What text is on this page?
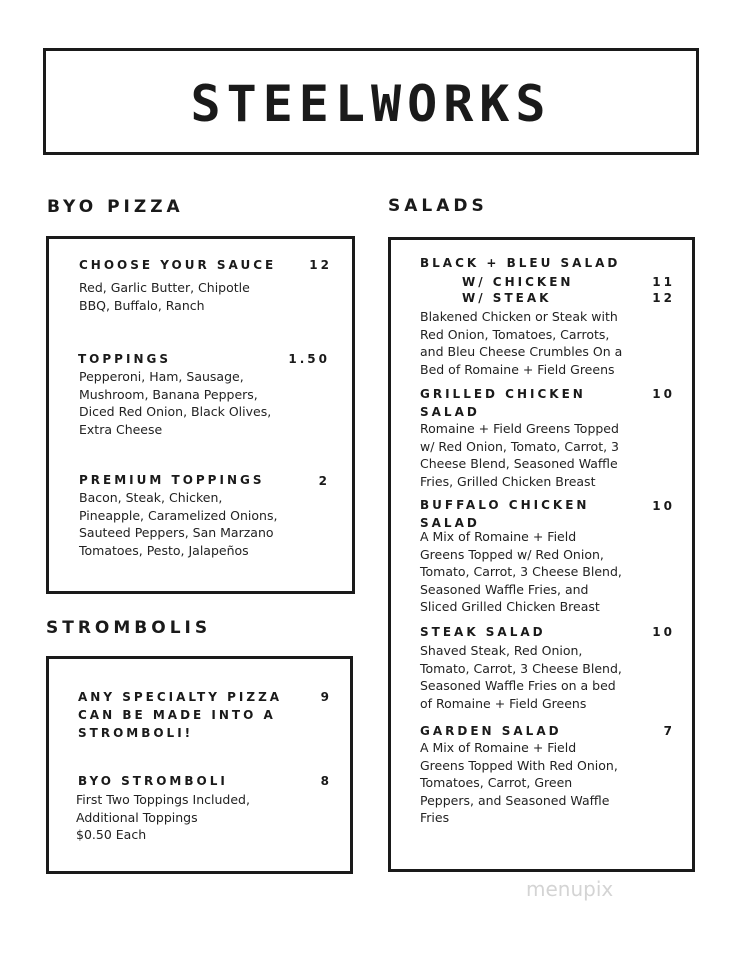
STEELWORKS
BYO PIZZA
CHOOSE YOUR SAUCE	12
Red, Garlic Butter, Chipotle
BBQ, Buffalo, Ranch
TOPPINGS	1.50
Pepperoni, Ham, Sausage,
Mushroom, Banana Peppers,
Diced Red Onion, Black Olives,
Extra Cheese
PREMIUM TOPPINGS	2
Bacon, Steak, Chicken,
Pineapple, Caramelized Onions,
Sauteed Peppers, San Marzano
Tomatoes, Pesto, Jalapeños
STROMBOLIS
ANY SPECIALTY PIZZA
CAN BE MADE INTO A
STROMBOLI!
9
BYO STROMBOLI	8
First Two Toppings Included,
Additional Toppings
$0.50 Each
SALADS
BLACK + BLEU SALAD
W/ CHICKEN	11
W/ STEAK	12
Blakened Chicken or Steak with
Red Onion, Tomatoes, Carrots,
and Bleu Cheese Crumbles On a
Bed of Romaine + Field Greens
GRILLED CHICKEN
SALAD
10
Romaine + Field Greens Topped
w/ Red Onion, Tomato, Carrot, 3
Cheese Blend, Seasoned Waffle
Fries, Grilled Chicken Breast
BUFFALO CHICKEN
SALAD
10
A Mix of Romaine + Field
Greens Topped w/ Red Onion,
Tomato, Carrot, 3 Cheese Blend,
Seasoned Waffle Fries, and
Sliced Grilled Chicken Breast
STEAK SALAD	10
Shaved Steak, Red Onion,
Tomato, Carrot, 3 Cheese Blend,
Seasoned Waffle Fries on a bed
of Romaine + Field Greens
GARDEN SALAD	7
A Mix of Romaine + Field
Greens Topped With Red Onion,
Tomatoes, Carrot, Green
Peppers, and Seasoned Waffle
Fries
menupix
